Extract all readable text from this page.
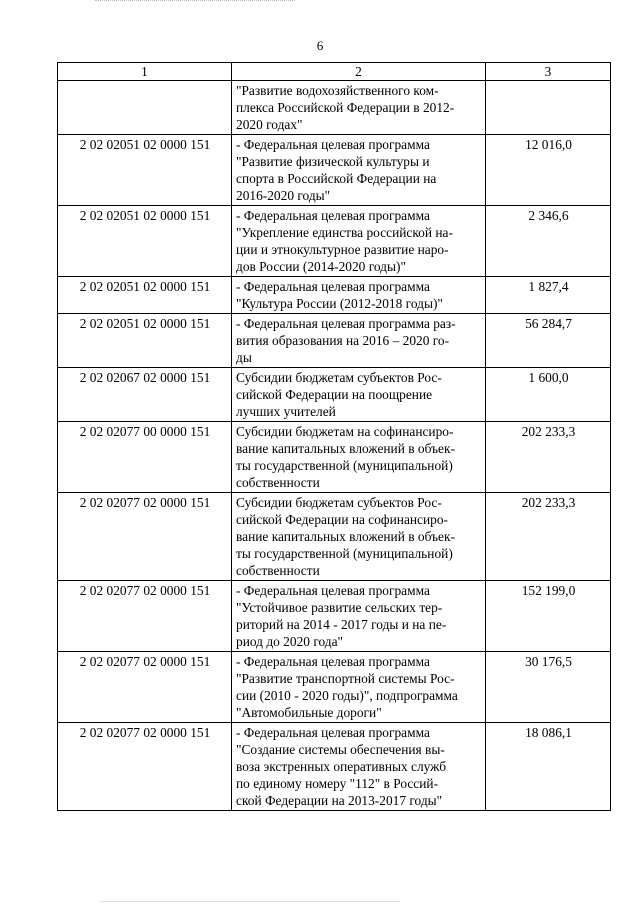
6
1	2	3
	"Развитие водохозяйственного ком-
плекса Российской Федерации в 2012-
2020 годах"	
2 02 02051 02 0000 151	- Федеральная целевая программа
"Развитие физической культуры и
спорта в Российской Федерации на
2016-2020 годы"	12 016,0
2 02 02051 02 0000 151	- Федеральная целевая программа
"Укрепление единства российской на-
ции и этнокультурное развитие наро-
дов России (2014-2020 годы)"	2 346,6
2 02 02051 02 0000 151	- Федеральная целевая программа
"Культура России (2012-2018 годы)"	1 827,4
2 02 02051 02 0000 151	- Федеральная целевая программа раз-
вития образования на 2016 – 2020 го-
ды	56 284,7
2 02 02067 02 0000 151	Субсидии бюджетам субъектов Рос-
сийской Федерации на поощрение
лучших учителей	1 600,0
2 02 02077 00 0000 151	Субсидии бюджетам на софинансиро-
вание капитальных вложений в объек-
ты государственной (муниципальной)
собственности	202 233,3
2 02 02077 02 0000 151	Субсидии бюджетам субъектов Рос-
сийской Федерации на софинансиро-
вание капитальных вложений в объек-
ты государственной (муниципальной)
собственности	202 233,3
2 02 02077 02 0000 151	- Федеральная целевая программа
"Устойчивое развитие сельских тер-
риторий на 2014 - 2017 годы и на пе-
риод до 2020 года"	152 199,0
2 02 02077 02 0000 151	- Федеральная целевая программа
"Развитие транспортной системы Рос-
сии (2010 - 2020 годы)", подпрограмма
"Автомобильные дороги"	30 176,5
2 02 02077 02 0000 151	- Федеральная целевая программа
"Создание системы обеспечения вы-
воза экстренных оперативных служб
по единому номеру "112" в Россий-
ской Федерации на 2013-2017 годы"	18 086,1
